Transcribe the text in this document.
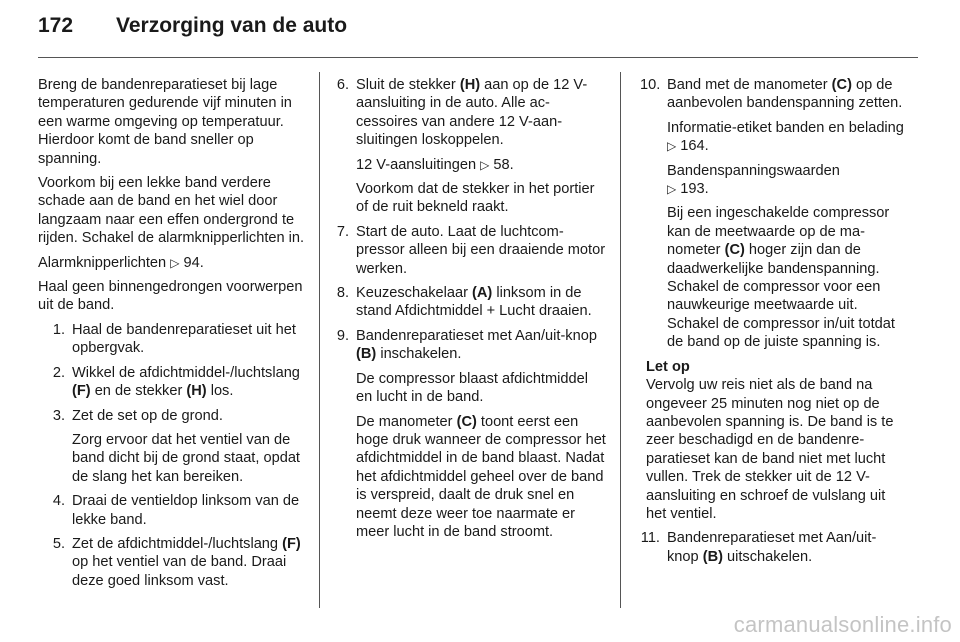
172	Verzorging van de auto

Breng de bandenreparatieset bij lage temperaturen gedurende vijf minuten in een warme omgeving op temperatuur. Hierdoor komt de band sneller op spanning.

Voorkom bij een lekke band verdere schade aan de band en het wiel door langzaam naar een effen ondergrond te rijden. Schakel de alarmknipperlichten in.

Alarmknipperlichten ▷ 94.

Haal geen binnengedrongen voorwerpen uit de band.

1. Haal de bandenreparatieset uit het opbergvak.

2. Wikkel de afdichtmiddel-/luchtslang (F) en de stekker (H) los.

3. Zet de set op de grond.

Zorg ervoor dat het ventiel van de band dicht bij de grond staat, opdat de slang het kan bereiken.

4. Draai de ventieldop linksom van de lekke band.

5. Zet de afdichtmiddel-/luchtslang (F) op het ventiel van de band. Draai deze goed linksom vast.

6. Sluit de stekker (H) aan op de 12 V-aansluiting in de auto. Alle accessoires van andere 12 V-aansluitingen loskoppelen.

12 V-aansluitingen ▷ 58.

Voorkom dat de stekker in het portier of de ruit bekneld raakt.

7. Start de auto. Laat de luchtcompressor alleen bij een draaiende motor werken.

8. Keuzeschakelaar (A) linksom in de stand Afdichtmiddel + Lucht draaien.

9. Bandenreparatieset met Aan/uit-knop (B) inschakelen.

De compressor blaast afdichtmiddel en lucht in de band.

De manometer (C) toont eerst een hoge druk wanneer de compressor het afdichtmiddel in de band blaast. Nadat het afdichtmiddel geheel over de band is verspreid, daalt de druk snel en neemt deze weer toe naarmate er meer lucht in de band stroomt.

10. Band met de manometer (C) op de aanbevolen bandenspanning zetten.

Informatie-etiket banden en belading ▷ 164.

Bandenspanningswaarden
▷ 193.

Bij een ingeschakelde compressor kan de meetwaarde op de manometer (C) hoger zijn dan de daadwerkelijke bandenspanning. Schakel de compressor voor een nauwkeurige meetwaarde uit. Schakel de compressor in/uit totdat de band op de juiste spanning is.

Let op

Vervolg uw reis niet als de band na ongeveer 25 minuten nog niet op de aanbevolen spanning is. De band is te zeer beschadigd en de bandenreparatieset kan de band niet met lucht vullen. Trek de stekker uit de 12 V-aansluiting en schroef de vulslang uit het ventiel.

11. Bandenreparatieset met Aan/uit-knop (B) uitschakelen.

carmanualsonline.info
